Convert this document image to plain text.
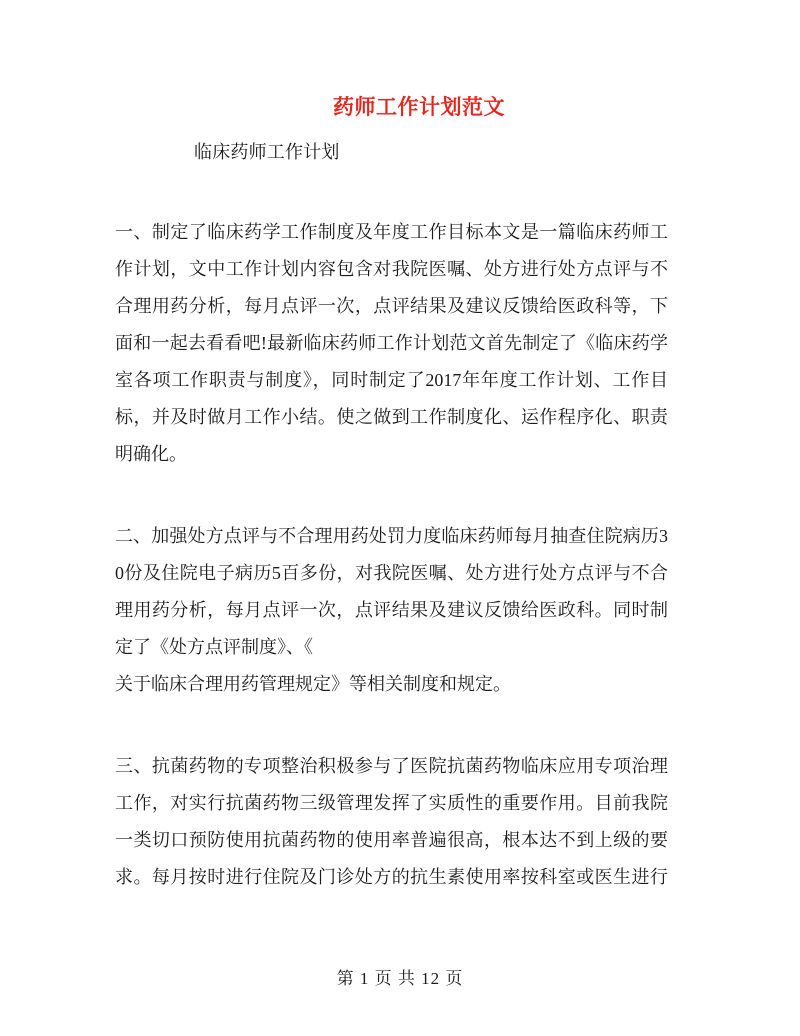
药师工作计划范文
临床药师工作计划
一、制定了临床药学工作制度及年度工作目标本文是一篇临床药师工
作计划，文中工作计划内容包含对我院医嘱、处方进行处方点评与不
合理用药分析，每月点评一次，点评结果及建议反馈给医政科等，下
面和一起去看看吧!最新临床药师工作计划范文首先制定了《临床药学
室各项工作职责与制度》，同时制定了2017年年度工作计划、工作目
标，并及时做月工作小结。使之做到工作制度化、运作程序化、职责
明确化。
二、加强处方点评与不合理用药处罚力度临床药师每月抽查住院病历3
0份及住院电子病历5百多份，对我院医嘱、处方进行处方点评与不合
理用药分析，每月点评一次，点评结果及建议反馈给医政科。同时制
定了《处方点评制度》、《
关于临床合理用药管理规定》等相关制度和规定。
三、抗菌药物的专项整治积极参与了医院抗菌药物临床应用专项治理
工作，对实行抗菌药物三级管理发挥了实质性的重要作用。目前我院
一类切口预防使用抗菌药物的使用率普遍很高，根本达不到上级的要
求。每月按时进行住院及门诊处方的抗生素使用率按科室或医生进行
第 1 页 共 12 页
